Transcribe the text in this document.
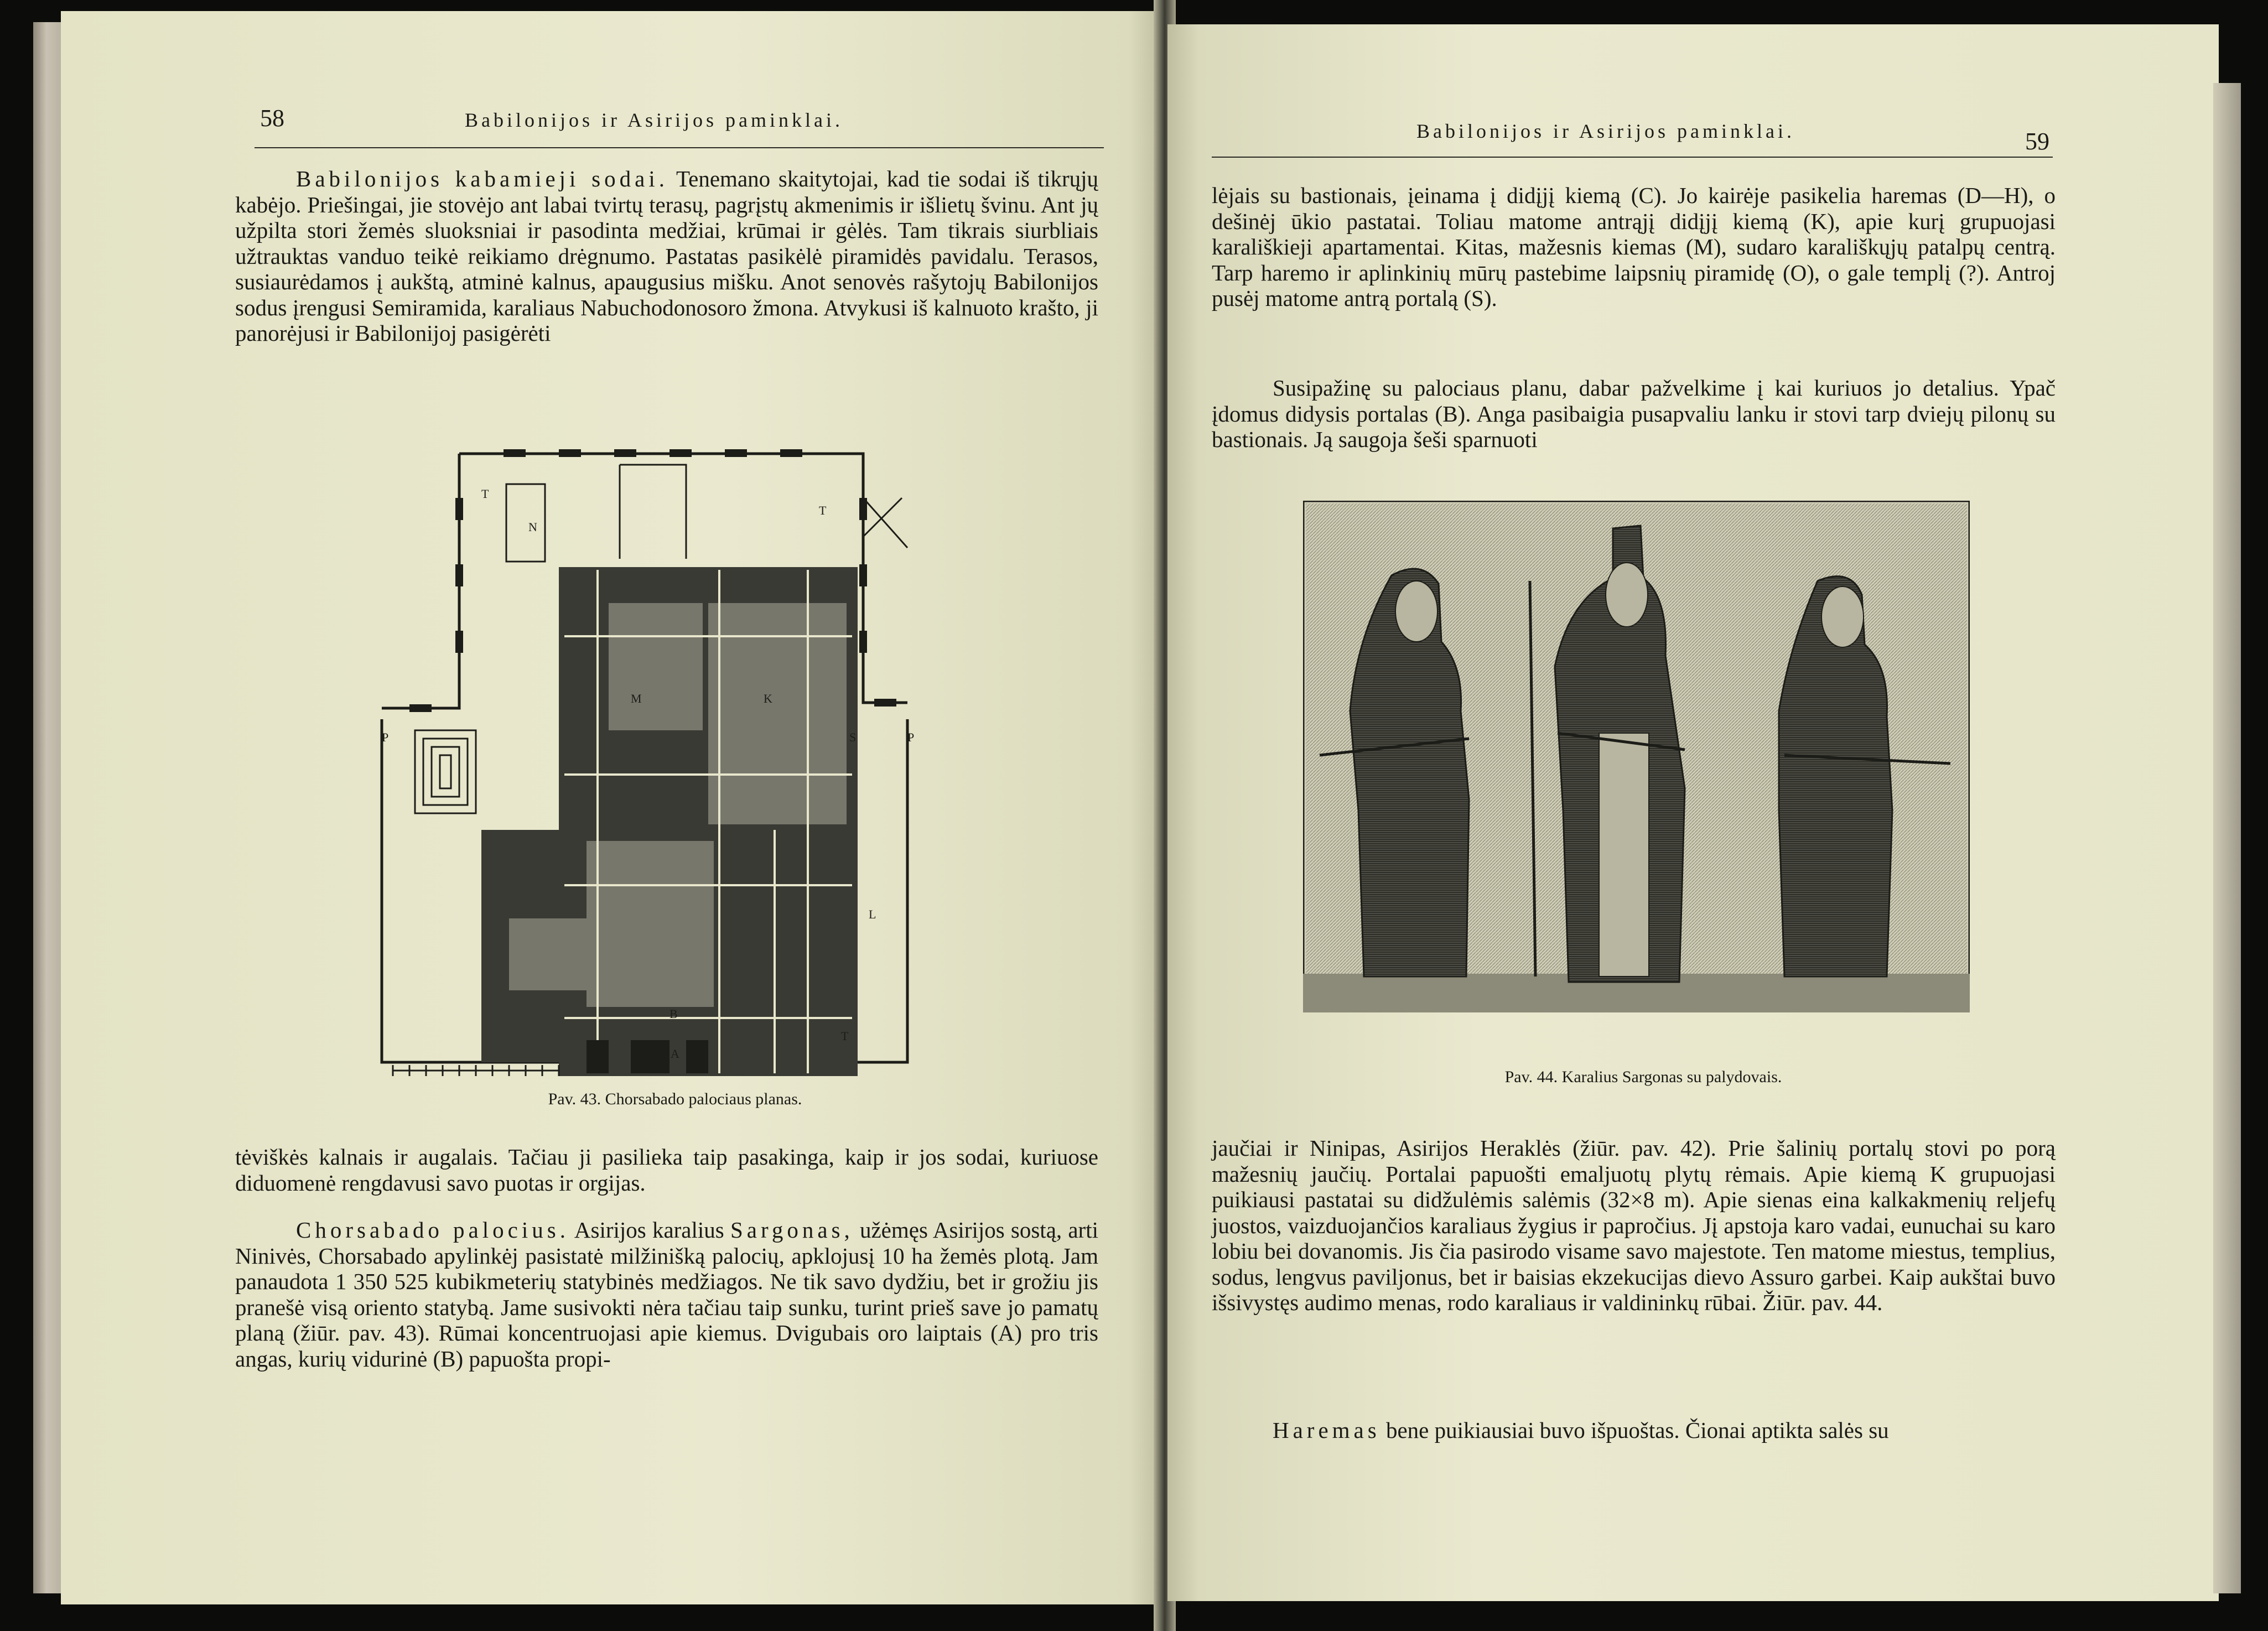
58	Babilonijos ir Asirijos paminklai.
Babilonijos kabamieji sodai. Tenemano skaitytojai, kad tie sodai iš tikrųjų kabėjo. Priešingai, jie stovėjo ant labai tvirtų terasų, pagrįstų akmenimis ir išlietų švinu. Ant jų užpilta stori žemės sluoksniai ir pasodinta medžiai, krūmai ir gėlės. Tam tikrais siurbliais užtrauktas vanduo teikė reikiamo drėgnumo. Pastatas pasikėlė piramidės pavidalu. Terasos, susiaurėdamos į aukštą, atminė kalnus, apaugusius mišku. Anot senovės rašytojų Babilonijos sodus įrengusi Semiramida, karaliaus Nabuchodonosoro žmona. Atvykusi iš kalnuoto krašto, ji panorėjusi ir Babilonijoj pasigėrėti
T
T
N
M	K
P	S	P
L
B
T
A
Pav. 43. Chorsabado palociaus planas.
tėviškės kalnais ir augalais. Tačiau ji pasilieka taip pasakinga, kaip ir jos sodai, kuriuose diduomenė rengdavusi savo puotas ir orgijas.
Chorsabado palocius. Asirijos karalius Sargonas, užėmęs Asirijos sostą, arti Ninivės, Chorsabado apylinkėj pasistatė milžinišką palocių, apklojusį 10 ha žemės plotą. Jam panaudota 1 350 525 kubikmeterių statybinės medžiagos. Ne tik savo dydžiu, bet ir grožiu jis pranešė visą oriento statybą. Jame susivokti nėra tačiau taip sunku, turint prieš save jo pamatų planą (žiūr. pav. 43). Rūmai koncentruojasi apie kiemus. Dvigubais oro laiptais (A) pro tris angas, kurių vidurinė (B) papuošta propi-
Babilonijos ir Asirijos paminklai.	59
lėjais su bastionais, įeinama į didįjį kiemą (C). Jo kairėje pasikelia haremas (D—H), o dešinėj ūkio pastatai. Toliau matome antrąjį didįjį kiemą (K), apie kurį grupuojasi karališkieji apartamentai. Kitas, mažesnis kiemas (M), sudaro karališkųjų patalpų centrą. Tarp haremo ir aplinkinių mūrų pastebime laipsnių piramidę (O), o gale templį (?). Antroj pusėj matome antrą portalą (S).
Susipažinę su palociaus planu, dabar pažvelkime į kai kuriuos jo detalius. Ypač įdomus didysis portalas (B). Anga pasibaigia pusapvaliu lanku ir stovi tarp dviejų pilonų su bastionais. Ją saugoja šeši sparnuoti
Pav. 44. Karalius Sargonas su palydovais.
jaučiai ir Ninipas, Asirijos Heraklės (žiūr. pav. 42). Prie šalinių portalų stovi po porą mažesnių jaučių. Portalai papuošti emaljuotų plytų rėmais. Apie kiemą K grupuojasi puikiausi pastatai su didžulėmis salėmis (32×8 m). Apie sienas eina kalkakmenių reljefų juostos, vaizduojančios karaliaus žygius ir papročius. Jį apstoja karo vadai, eunuchai su karo lobiu bei dovanomis. Jis čia pasirodo visame savo majestote. Ten matome miestus, templius, sodus, lengvus paviljonus, bet ir baisias ekzekucijas dievo Assuro garbei. Kaip aukštai buvo išsivystęs audimo menas, rodo karaliaus ir valdininkų rūbai. Žiūr. pav. 44.
Haremas bene puikiausiai buvo išpuoštas. Čionai aptikta salės su
